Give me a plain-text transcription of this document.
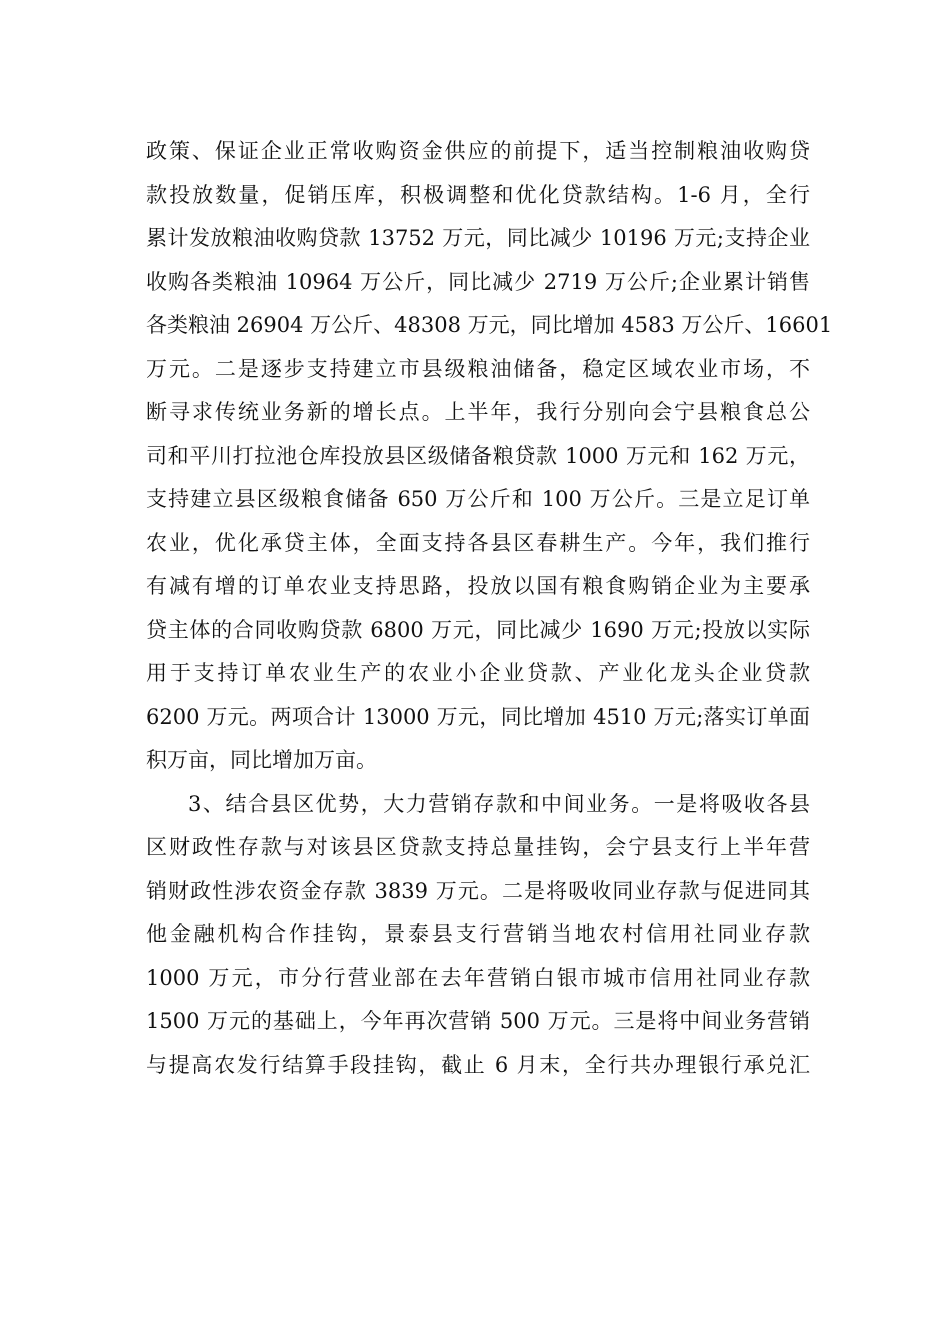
政策、保证企业正常收购资金供应的前提下，适当控制粮油收购贷
款投放数量，促销压库，积极调整和优化贷款结构。1-6 月，全行
累计发放粮油收购贷款 13752 万元，同比减少 10196 万元;支持企业
收购各类粮油 10964 万公斤，同比减少 2719 万公斤;企业累计销售
各类粮油 26904 万公斤、48308 万元，同比增加 4583 万公斤、16601
万元。二是逐步支持建立市县级粮油储备，稳定区域农业市场，不
断寻求传统业务新的增长点。上半年，我行分别向会宁县粮食总公
司和平川打拉池仓库投放县区级储备粮贷款 1000 万元和 162 万元，
支持建立县区级粮食储备 650 万公斤和 100 万公斤。三是立足订单
农业，优化承贷主体，全面支持各县区春耕生产。今年，我们推行
有减有增的订单农业支持思路，投放以国有粮食购销企业为主要承
贷主体的合同收购贷款 6800 万元，同比减少 1690 万元;投放以实际
用于支持订单农业生产的农业小企业贷款、产业化龙头企业贷款
6200 万元。两项合计 13000 万元，同比增加 4510 万元;落实订单面
积万亩，同比增加万亩。
3、结合县区优势，大力营销存款和中间业务。一是将吸收各县
区财政性存款与对该县区贷款支持总量挂钩，会宁县支行上半年营
销财政性涉农资金存款 3839 万元。二是将吸收同业存款与促进同其
他金融机构合作挂钩，景泰县支行营销当地农村信用社同业存款
1000 万元，市分行营业部在去年营销白银市城市信用社同业存款
1500 万元的基础上，今年再次营销 500 万元。三是将中间业务营销
与提高农发行结算手段挂钩，截止 6 月末，全行共办理银行承兑汇
